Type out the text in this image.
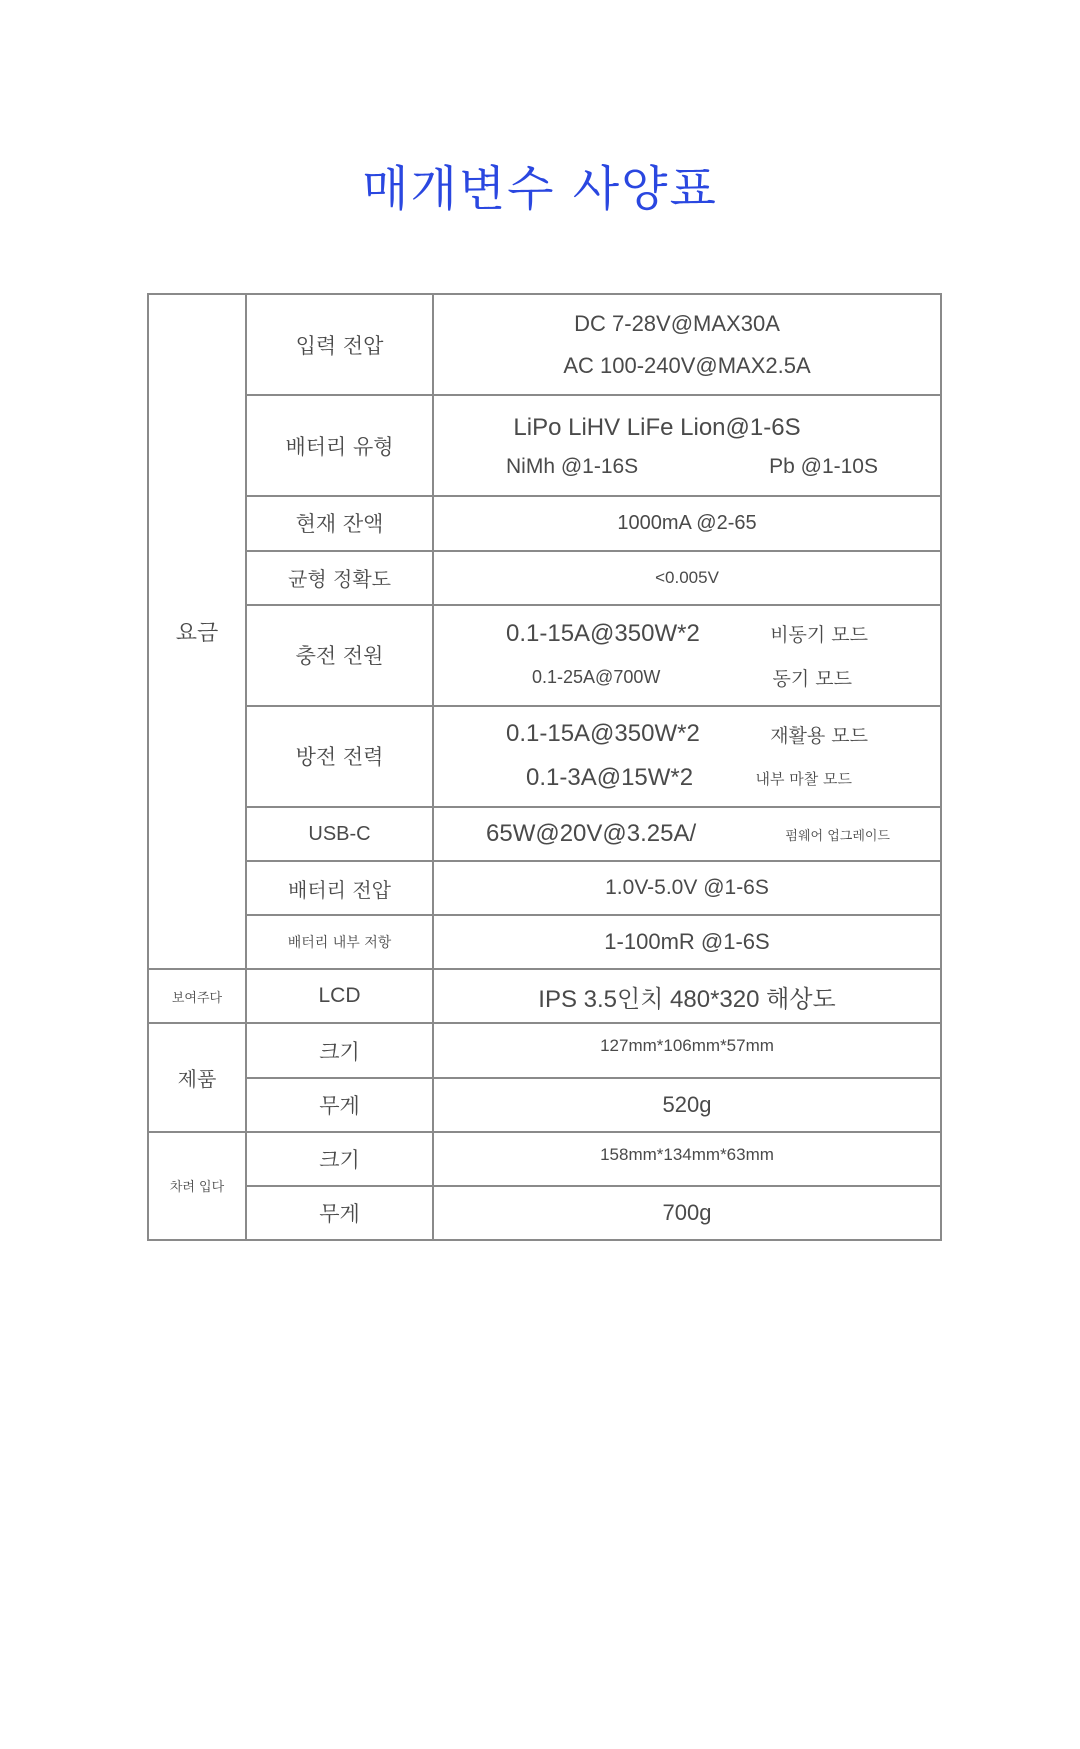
매개변수 사양표
요금	입력 전압	DC 7-28V@MAX30A
AC 100-240V@MAX2.5A

	배터리 유형	LiPo LiHV LiFe Lion@1-6S
NiMh @1-16S Pb @1-10S

	현재 잔액	1000mA @2-65
	균형 정확도	<0.005V
	충전 전원	0.1-15A@350W*2 비동기 모드
0.1-25A@700W 동기 모드

	방전 전력	0.1-15A@350W*2 재활용 모드
0.1-3A@15W*2 내부 마찰 모드

	USB-C	65W@20V@3.25A/ 펌웨어 업그레이드

	배터리 전압	1.0V-5.0V @1-6S
	배터리 내부 저항	1-100mR @1-6S
보여주다	LCD	IPS 3.5인치 480*320 해상도
제품	크기	127mm*106mm*57mm
	무게	520g
차려 입다	크기	158mm*134mm*63mm
	무게	700g
